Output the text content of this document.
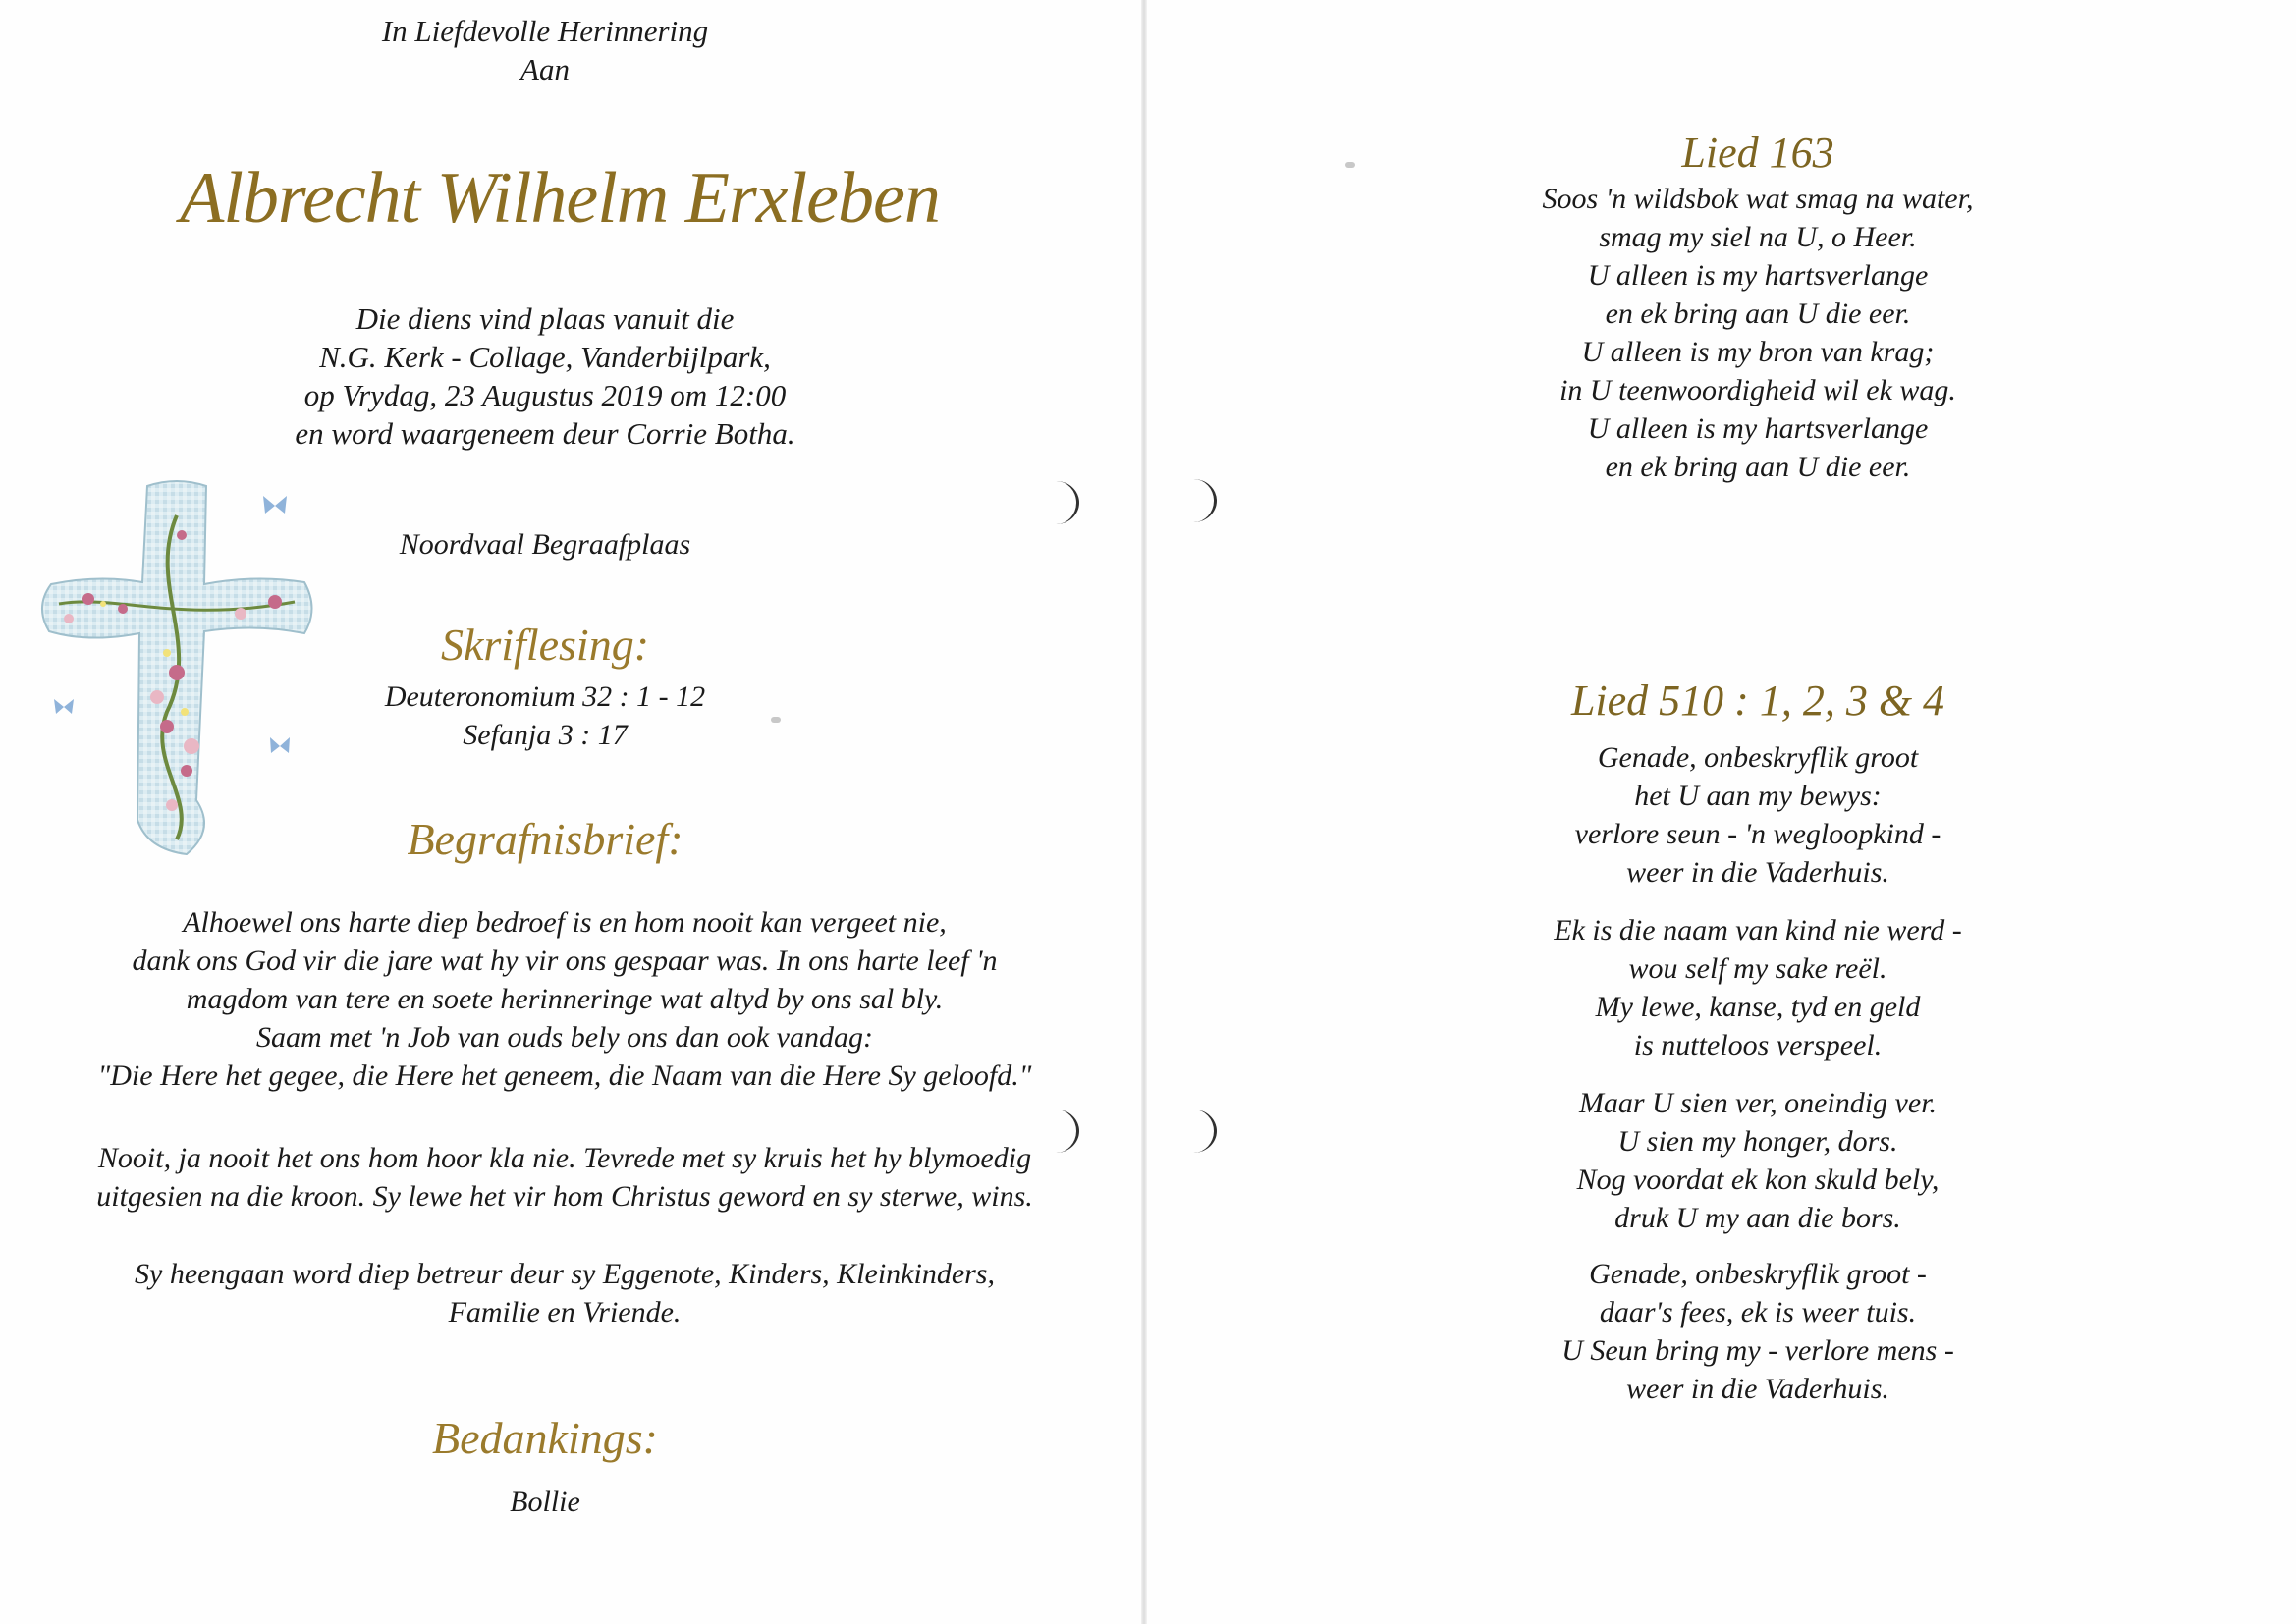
In Liefdevolle Herinnering
Aan
Albrecht Wilhelm Erxleben
Die diens vind plaas vanuit die
N.G. Kerk - Collage, Vanderbijlpark,
op Vrydag, 23 Augustus 2019 om 12:00
en word waargeneem deur Corrie Botha.
Noordvaal Begraafplaas
Skriflesing:
Deuteronomium 32 : 1 - 12
Sefanja 3 : 17
Begrafnisbrief:
Alhoewel ons harte diep bedroef is en hom nooit kan vergeet nie,
dank ons God vir die jare wat hy vir ons gespaar was. In ons harte leef 'n
magdom van tere en soete herinneringe wat altyd by ons sal bly.
Saam met 'n Job van ouds bely ons dan ook vandag:
"Die Here het gegee, die Here het geneem, die Naam van die Here Sy geloofd."
Nooit, ja nooit het ons hom hoor kla nie. Tevrede met sy kruis het hy blymoedig
uitgesien na die kroon. Sy lewe het vir hom Christus geword en sy sterwe, wins.
Sy heengaan word diep betreur deur sy Eggenote, Kinders, Kleinkinders,
Familie en Vriende.
Bedankings:
Bollie
Lied 163
Soos 'n wildsbok wat smag na water,
smag my siel na U, o Heer.
U alleen is my hartsverlange
en ek bring aan U die eer.
U alleen is my bron van krag;
in U teenwoordigheid wil ek wag.
U alleen is my hartsverlange
en ek bring aan U die eer.
Lied 510 : 1, 2, 3 & 4
Genade, onbeskryflik groot
het U aan my bewys:
verlore seun - 'n wegloopkind -
weer in die Vaderhuis.
Ek is die naam van kind nie werd -
wou self my sake reël.
My lewe, kanse, tyd en geld
is nutteloos verspeel.
Maar U sien ver, oneindig ver.
U sien my honger, dors.
Nog voordat ek kon skuld bely,
druk U my aan die bors.
Genade, onbeskryflik groot -
daar's fees, ek is weer tuis.
U Seun bring my - verlore mens -
weer in die Vaderhuis.
